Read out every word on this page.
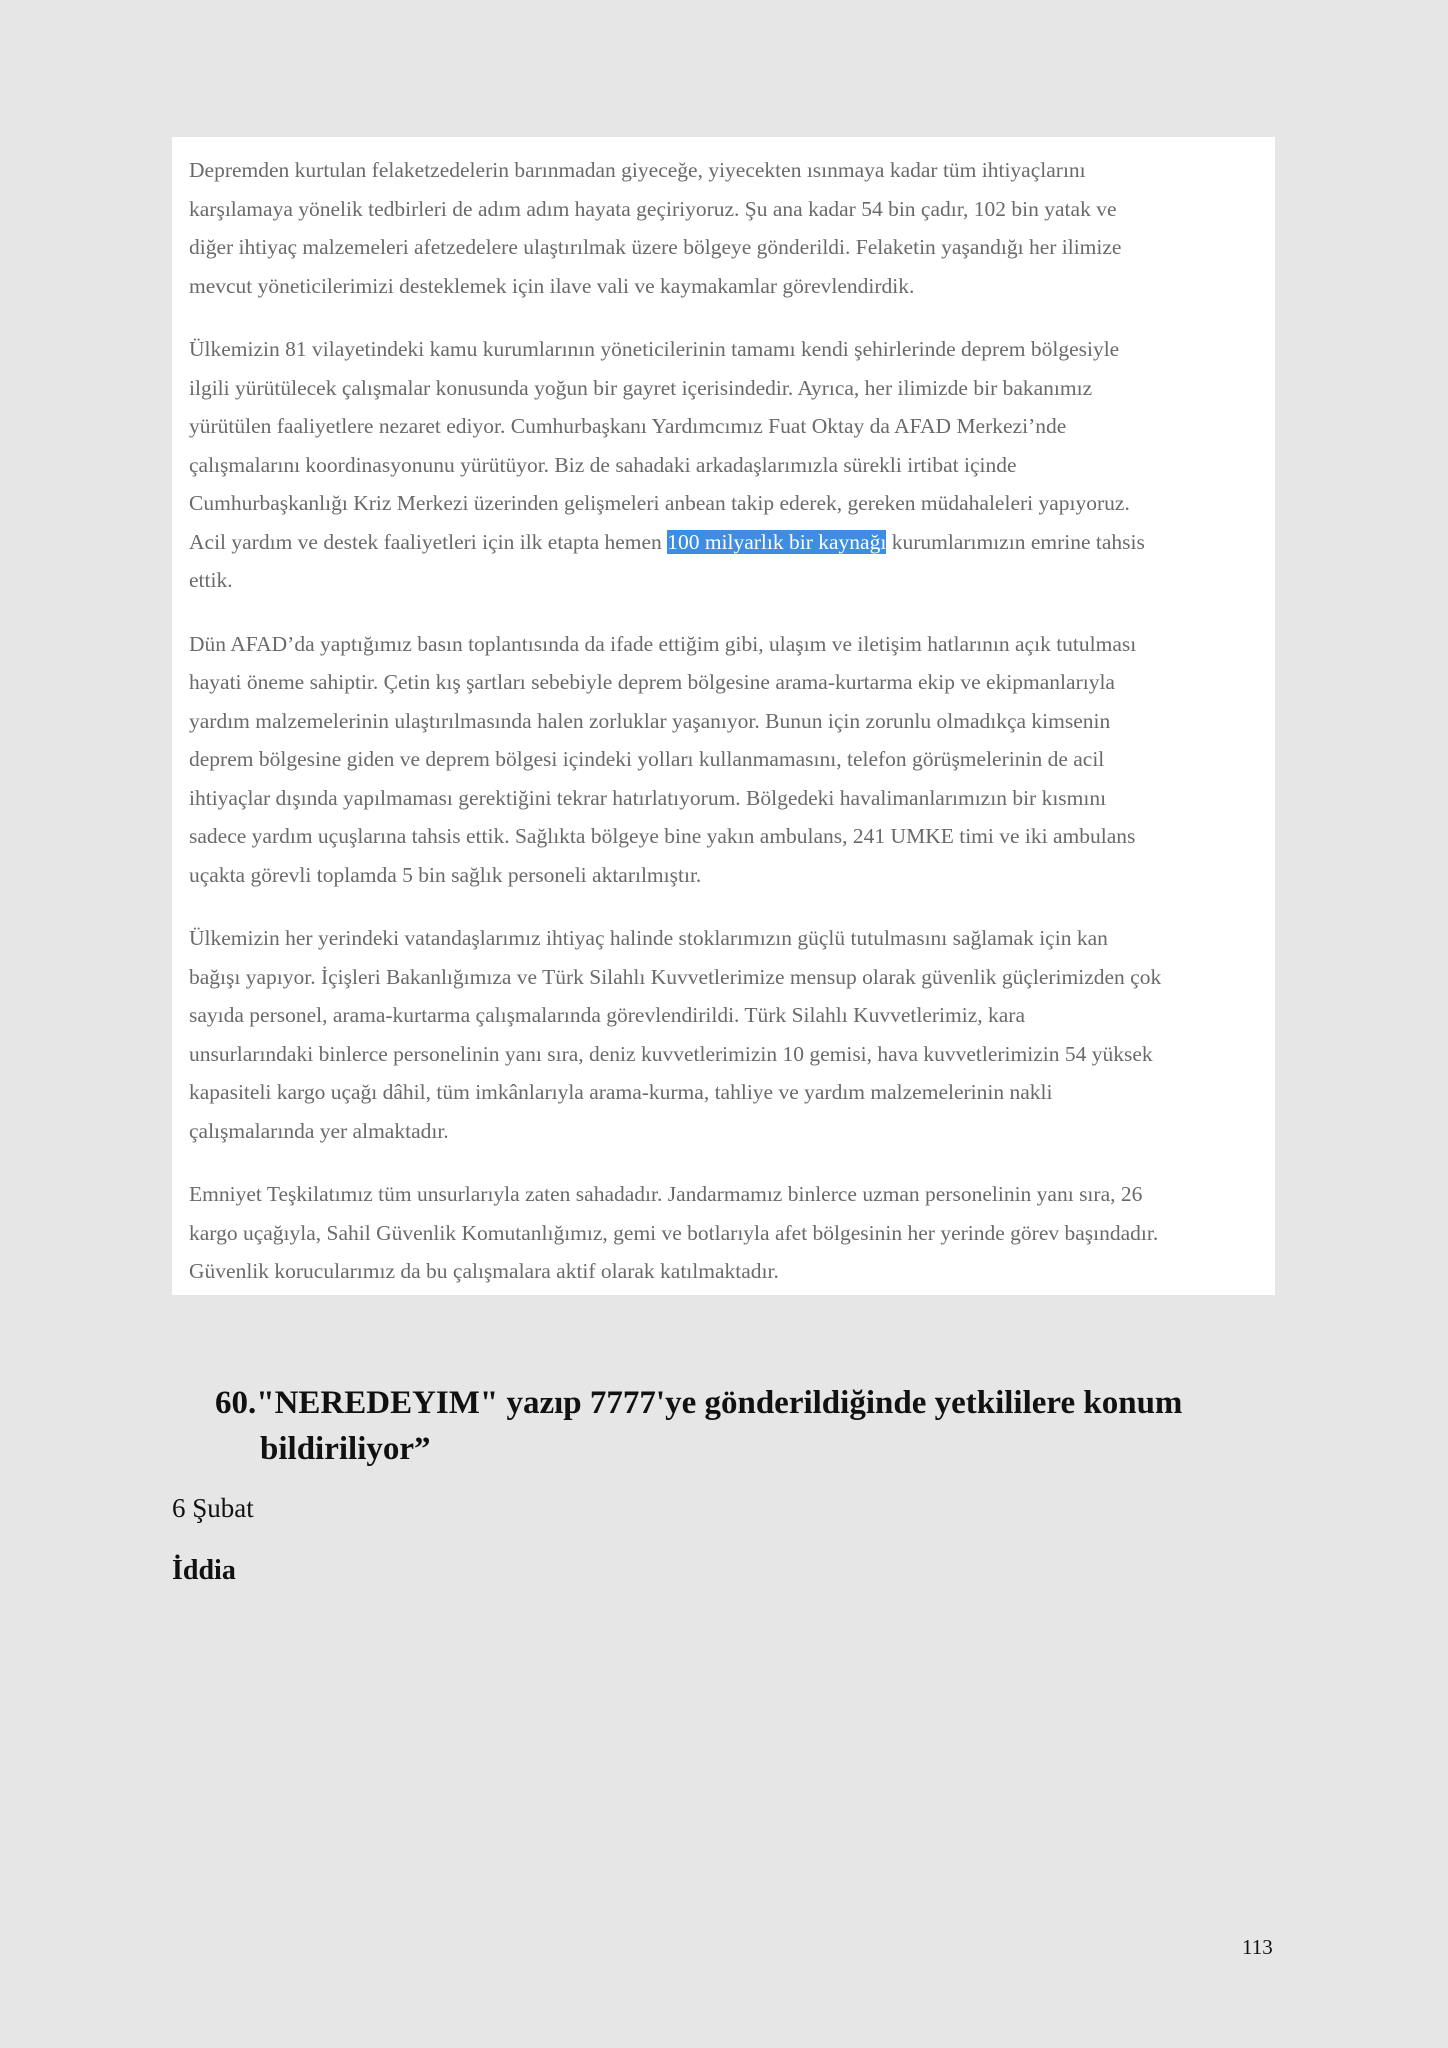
Depremden kurtulan felaketzedelerin barınmadan giyeceğe, yiyecekten ısınmaya kadar tüm ihtiyaçlarını
karşılamaya yönelik tedbirleri de adım adım hayata geçiriyoruz. Şu ana kadar 54 bin çadır, 102 bin yatak ve
diğer ihtiyaç malzemeleri afetzedelere ulaştırılmak üzere bölgeye gönderildi. Felaketin yaşandığı her ilimize
mevcut yöneticilerimizi desteklemek için ilave vali ve kaymakamlar görevlendirdik.

Ülkemizin 81 vilayetindeki kamu kurumlarının yöneticilerinin tamamı kendi şehirlerinde deprem bölgesiyle
ilgili yürütülecek çalışmalar konusunda yoğun bir gayret içerisindedir. Ayrıca, her ilimizde bir bakanımız
yürütülen faaliyetlere nezaret ediyor. Cumhurbaşkanı Yardımcımız Fuat Oktay da AFAD Merkezi’nde
çalışmalarını koordinasyonunu yürütüyor. Biz de sahadaki arkadaşlarımızla sürekli irtibat içinde
Cumhurbaşkanlığı Kriz Merkezi üzerinden gelişmeleri anbean takip ederek, gereken müdahaleleri yapıyoruz.
Acil yardım ve destek faaliyetleri için ilk etapta hemen 100 milyarlık bir kaynağı kurumlarımızın emrine tahsis
ettik.

Dün AFAD’da yaptığımız basın toplantısında da ifade ettiğim gibi, ulaşım ve iletişim hatlarının açık tutulması
hayati öneme sahiptir. Çetin kış şartları sebebiyle deprem bölgesine arama-kurtarma ekip ve ekipmanlarıyla
yardım malzemelerinin ulaştırılmasında halen zorluklar yaşanıyor. Bunun için zorunlu olmadıkça kimsenin
deprem bölgesine giden ve deprem bölgesi içindeki yolları kullanmamasını, telefon görüşmelerinin de acil
ihtiyaçlar dışında yapılmaması gerektiğini tekrar hatırlatıyorum. Bölgedeki havalimanlarımızın bir kısmını
sadece yardım uçuşlarına tahsis ettik. Sağlıkta bölgeye bine yakın ambulans, 241 UMKE timi ve iki ambulans
uçakta görevli toplamda 5 bin sağlık personeli aktarılmıştır.

Ülkemizin her yerindeki vatandaşlarımız ihtiyaç halinde stoklarımızın güçlü tutulmasını sağlamak için kan
bağışı yapıyor. İçişleri Bakanlığımıza ve Türk Silahlı Kuvvetlerimize mensup olarak güvenlik güçlerimizden çok
sayıda personel, arama-kurtarma çalışmalarında görevlendirildi. Türk Silahlı Kuvvetlerimiz, kara
unsurlarındaki binlerce personelinin yanı sıra, deniz kuvvetlerimizin 10 gemisi, hava kuvvetlerimizin 54 yüksek
kapasiteli kargo uçağı dâhil, tüm imkânlarıyla arama-kurma, tahliye ve yardım malzemelerinin nakli
çalışmalarında yer almaktadır.

Emniyet Teşkilatımız tüm unsurlarıyla zaten sahadadır. Jandarmamız binlerce uzman personelinin yanı sıra, 26
kargo uçağıyla, Sahil Güvenlik Komutanlığımız, gemi ve botlarıyla afet bölgesinin her yerinde görev başındadır.
Güvenlik korucularımız da bu çalışmalara aktif olarak katılmaktadır.

60."NEREDEYIM" yazıp 7777'ye gönderildiğinde yetkililere konum
bildiriliyor”
6 Şubat
İddia
113
